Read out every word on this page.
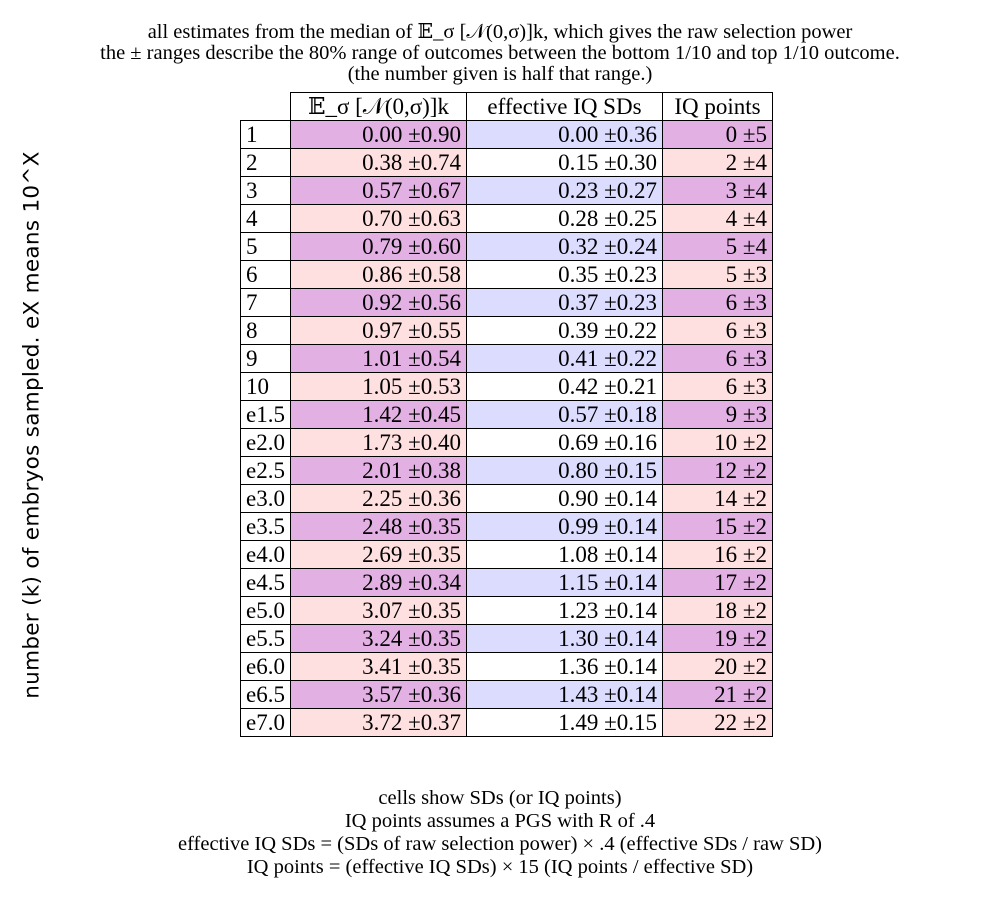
all estimates from the median of 𝔼_σ [𝒩(0,σ)]k, which gives the raw selection power
the ± ranges describe the 80% range of outcomes between the bottom 1/10 and top 1/10 outcome.
(the number given is half that range.)
number (k) of embryos sampled. eX means 10^X
	𝔼_σ [𝒩(0,σ)]k	effective IQ SDs	IQ points
1	0.00 ±0.90	0.00 ±0.36	0 ±5
2	0.38 ±0.74	0.15 ±0.30	2 ±4
3	0.57 ±0.67	0.23 ±0.27	3 ±4
4	0.70 ±0.63	0.28 ±0.25	4 ±4
5	0.79 ±0.60	0.32 ±0.24	5 ±4
6	0.86 ±0.58	0.35 ±0.23	5 ±3
7	0.92 ±0.56	0.37 ±0.23	6 ±3
8	0.97 ±0.55	0.39 ±0.22	6 ±3
9	1.01 ±0.54	0.41 ±0.22	6 ±3
10	1.05 ±0.53	0.42 ±0.21	6 ±3
e1.5	1.42 ±0.45	0.57 ±0.18	9 ±3
e2.0	1.73 ±0.40	0.69 ±0.16	10 ±2
e2.5	2.01 ±0.38	0.80 ±0.15	12 ±2
e3.0	2.25 ±0.36	0.90 ±0.14	14 ±2
e3.5	2.48 ±0.35	0.99 ±0.14	15 ±2
e4.0	2.69 ±0.35	1.08 ±0.14	16 ±2
e4.5	2.89 ±0.34	1.15 ±0.14	17 ±2
e5.0	3.07 ±0.35	1.23 ±0.14	18 ±2
e5.5	3.24 ±0.35	1.30 ±0.14	19 ±2
e6.0	3.41 ±0.35	1.36 ±0.14	20 ±2
e6.5	3.57 ±0.36	1.43 ±0.14	21 ±2
e7.0	3.72 ±0.37	1.49 ±0.15	22 ±2
cells show SDs (or IQ points)
IQ points assumes a PGS with R of .4
effective IQ SDs = (SDs of raw selection power) × .4 (effective SDs / raw SD)
IQ points = (effective IQ SDs) × 15 (IQ points / effective SD)
